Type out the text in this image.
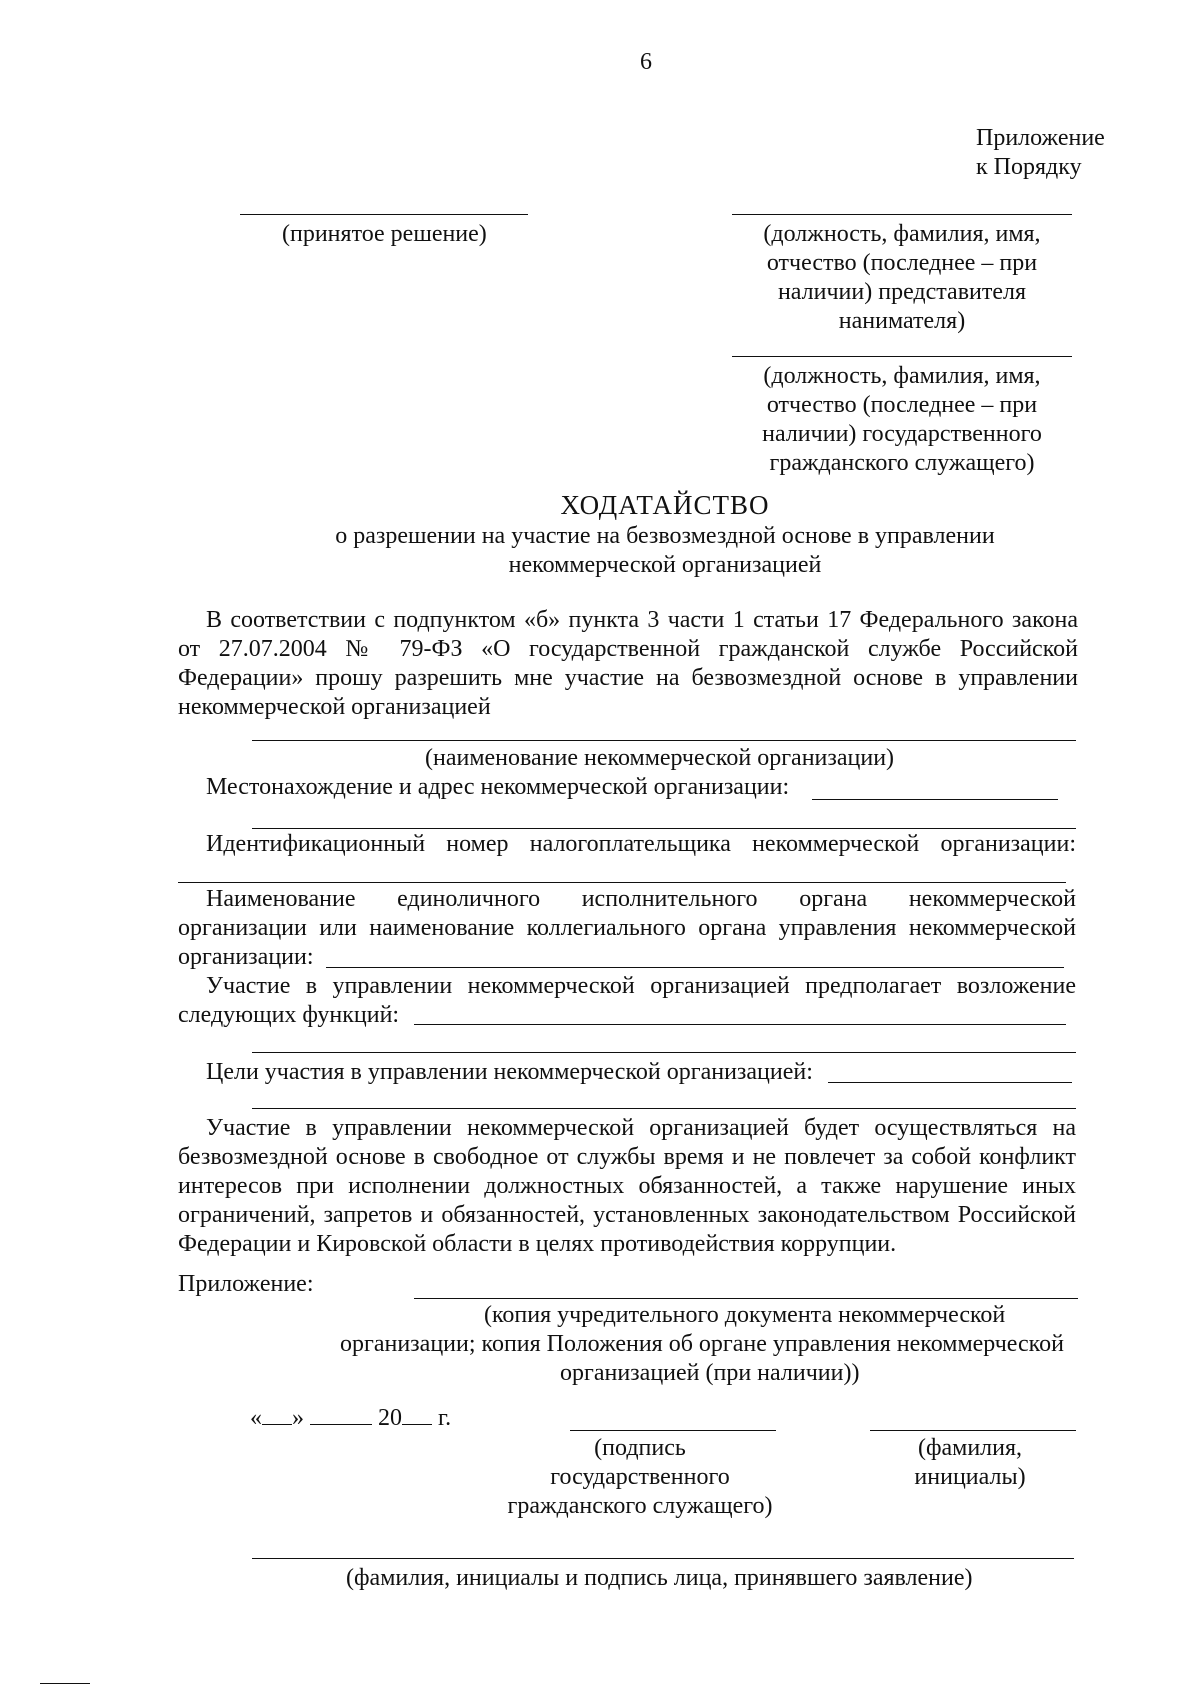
6
Приложение
к Порядку
(принятое решение)	(должность, фамилия, имя,
отчество (последнее – при
наличии) представителя
нанимателя)
(должность, фамилия, имя,
отчество (последнее – при
наличии) государственного
гражданского служащего)
ХОДАТАЙСТВО
о разрешении на участие на безвозмездной основе в управлении
некоммерческой организацией
В соответствии с подпунктом «б» пункта 3 части 1 статьи 17 Федерального закона
от 27.07.2004 № 79-ФЗ «О государственной гражданской службе Российской
Федерации» прошу разрешить мне участие на безвозмездной основе в управлении
некоммерческой организацией
(наименование некоммерческой организации)
Местонахождение и адрес некоммерческой организации:
Идентификационный номер налогоплательщика некоммерческой организации:
Наименование единоличного исполнительного органа некоммерческой
организации или наименование коллегиального органа управления некоммерческой
организации:
Участие в управлении некоммерческой организацией предполагает возложение
следующих функций:
Цели участия в управлении некоммерческой организацией:
Участие в управлении некоммерческой организацией будет осуществляться на
безвозмездной основе в свободное от службы время и не повлечет за собой конфликт
интересов при исполнении должностных обязанностей, а также нарушение иных
ограничений, запретов и обязанностей, установленных законодательством Российской
Федерации и Кировской области в целях противодействия коррупции.
Приложение:
(копия учредительного документа некоммерческой
организации; копия Положения об органе управления некоммерческой
организацией (при наличии))
« »	20 г.
(подпись
государственного
гражданского служащего)
(фамилия,
инициалы)
(фамилия, инициалы и подпись лица, принявшего заявление)
